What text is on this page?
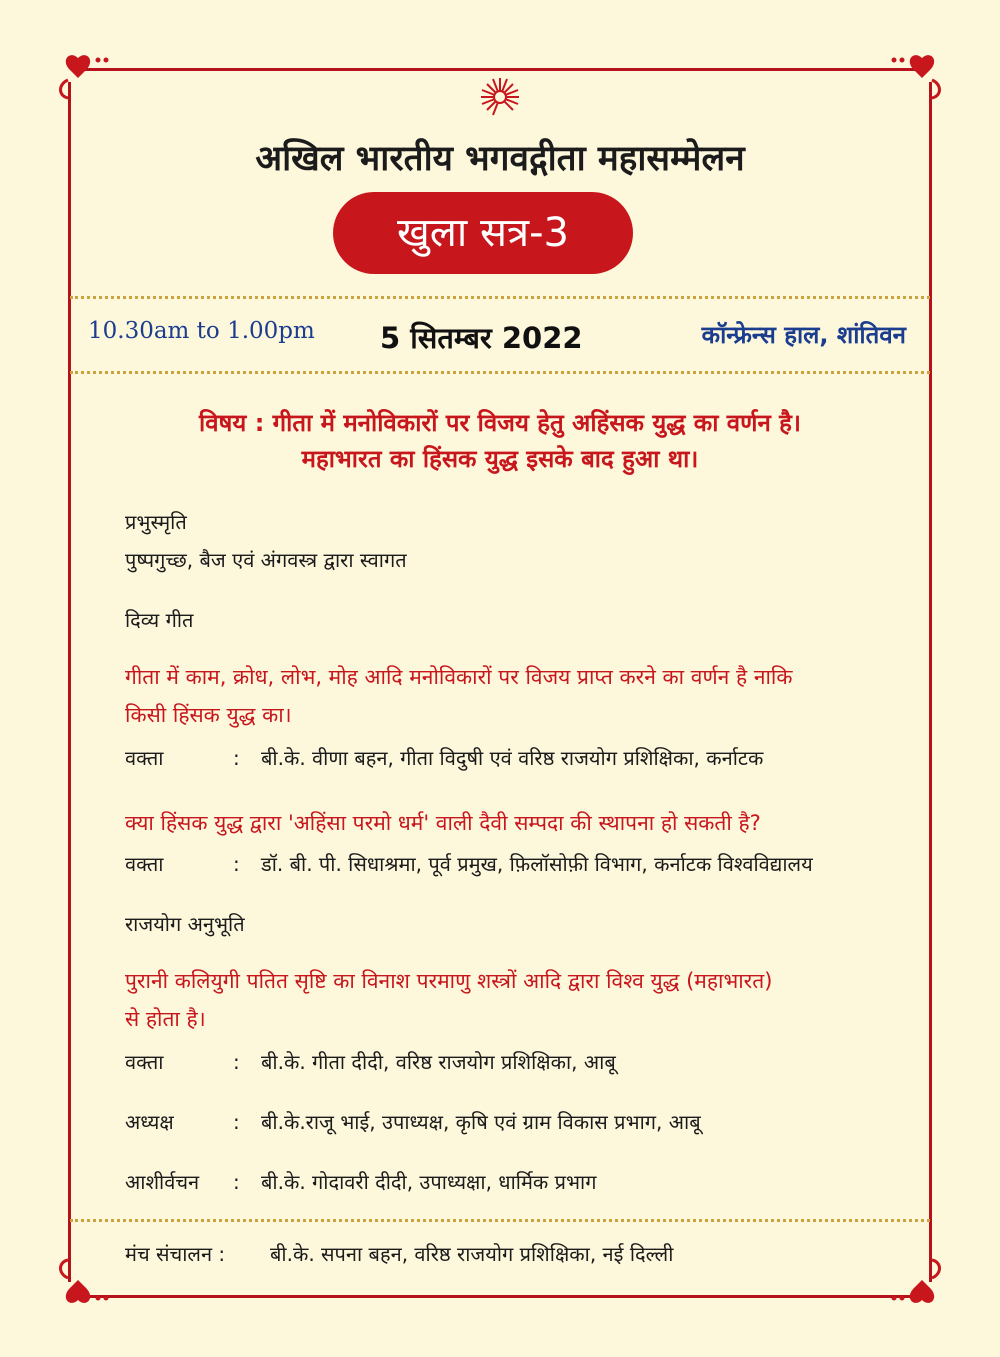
अखिल भारतीय भगवद्गीता महासम्मेलन
खुला सत्र-3
10.30am to 1.00pm 5 सितम्बर 2022	कॉन्फ्रेन्स हाल, शांतिवन
विषय : गीता में मनोविकारों पर विजय हेतु अहिंसक युद्ध का वर्णन है।
महाभारत का हिंसक युद्ध इसके बाद हुआ था।
प्रभुस्मृति
पुष्पगुच्छ, बैज एवं अंगवस्त्र द्वारा स्वागत
दिव्य गीत
गीता में काम, क्रोध, लोभ, मोह आदि मनोविकारों पर विजय प्राप्त करने का वर्णन है नाकि
किसी हिंसक युद्ध का।
वक्ता	: बी.के. वीणा बहन, गीता विदुषी एवं वरिष्ठ राजयोग प्रशिक्षिका, कर्नाटक
क्या हिंसक युद्ध द्वारा 'अहिंसा परमो धर्म' वाली दैवी सम्पदा की स्थापना हो सकती है?
वक्ता	: डॉ. बी. पी. सिधाश्रमा, पूर्व प्रमुख, फ़िलॉसोफ़ी विभाग, कर्नाटक विश्वविद्यालय
राजयोग अनुभूति
पुरानी कलियुगी पतित सृष्टि का विनाश परमाणु शस्त्रों आदि द्वारा विश्व युद्ध (महाभारत)
से होता है।
वक्ता	: बी.के. गीता दीदी, वरिष्ठ राजयोग प्रशिक्षिका, आबू
अध्यक्ष	: बी.के.राजू भाई, उपाध्यक्ष, कृषि एवं ग्राम विकास प्रभाग, आबू
आशीर्वचन : बी.के. गोदावरी दीदी, उपाध्यक्षा, धार्मिक प्रभाग
मंच संचालन : बी.के. सपना बहन, वरिष्ठ राजयोग प्रशिक्षिका, नई दिल्ली
